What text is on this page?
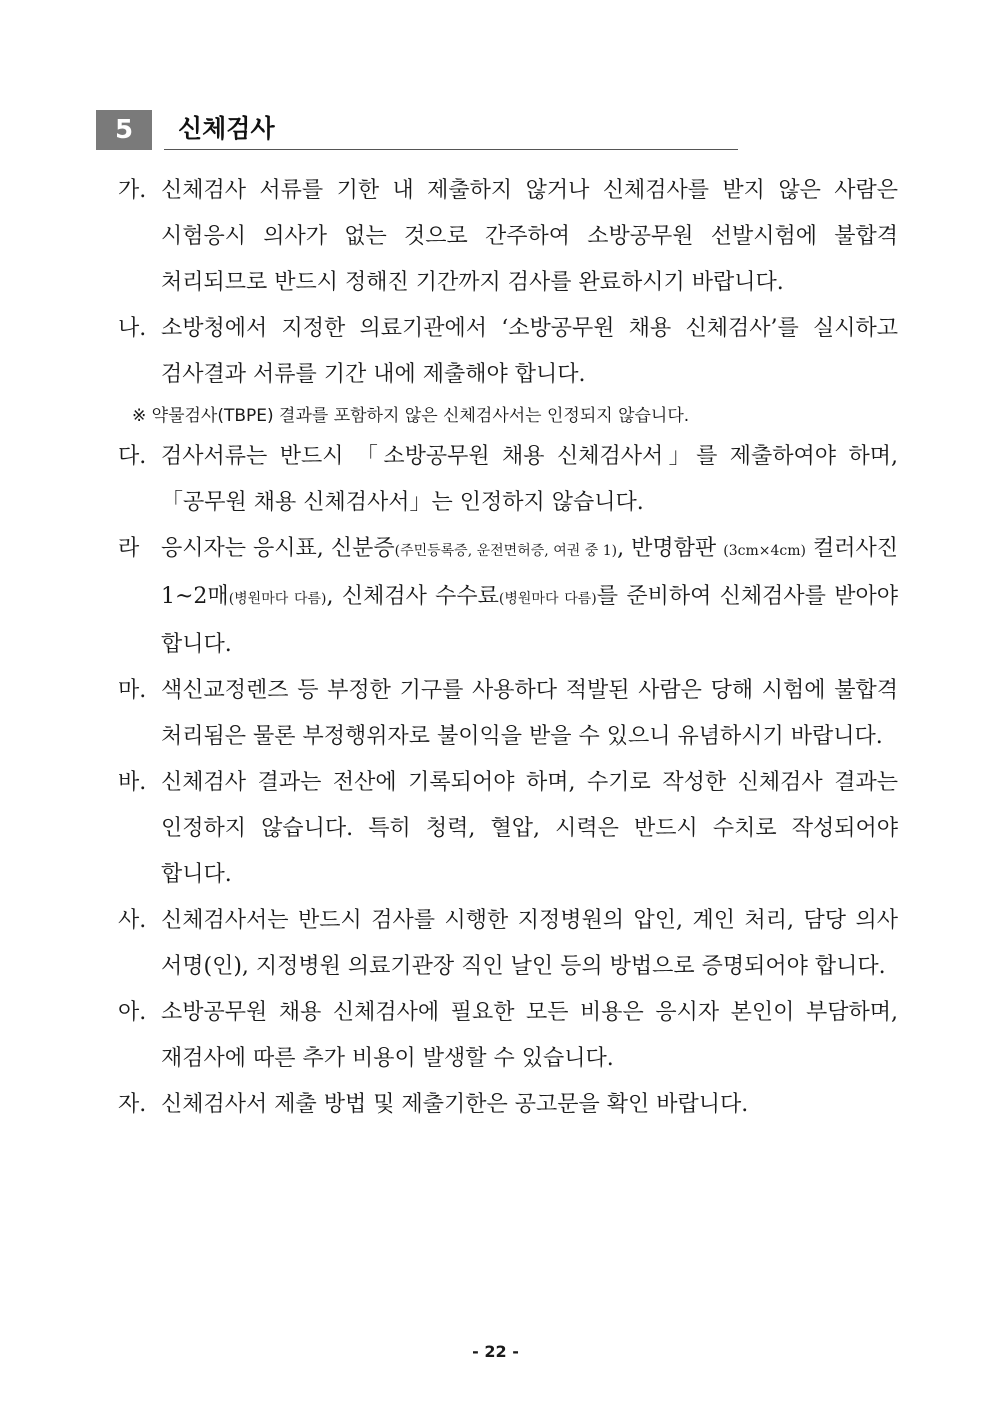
5	신체검사
가. 신체검사 서류를 기한 내 제출하지 않거나 신체검사를 받지 않은 사람은 시험응시 의사가 없는 것으로 간주하여 소방공무원 선발시험에 불합격 처리되므로 반드시 정해진 기간까지 검사를 완료하시기 바랍니다.
나. 소방청에서 지정한 의료기관에서 ‘소방공무원 채용 신체검사’를 실시하고 검사결과 서류를 기간 내에 제출해야 합니다.
※ 약물검사(TBPE) 결과를 포함하지 않은 신체검사서는 인정되지 않습니다.
다. 검사서류는 반드시 「소방공무원 채용 신체검사서」를 제출하여야 하며, 「공무원 채용 신체검사서」는 인정하지 않습니다.
라 응시자는 응시표, 신분증(주민등록증, 운전면허증, 여권 중 1), 반명함판 (3cm×4cm) 컬러사진 1~2매(병원마다 다름), 신체검사 수수료(병원마다 다름)를 준비하여 신체검사를 받아야 합니다.
마. 색신교정렌즈 등 부정한 기구를 사용하다 적발된 사람은 당해 시험에 불합격 처리됨은 물론 부정행위자로 불이익을 받을 수 있으니 유념하시기 바랍니다.
바. 신체검사 결과는 전산에 기록되어야 하며, 수기로 작성한 신체검사 결과는 인정하지 않습니다. 특히 청력, 혈압, 시력은 반드시 수치로 작성되어야 합니다.
사. 신체검사서는 반드시 검사를 시행한 지정병원의 압인, 계인 처리, 담당 의사 서명(인), 지정병원 의료기관장 직인 날인 등의 방법으로 증명되어야 합니다.
아. 소방공무원 채용 신체검사에 필요한 모든 비용은 응시자 본인이 부담하며, 재검사에 따른 추가 비용이 발생할 수 있습니다.
자. 신체검사서 제출 방법 및 제출기한은 공고문을 확인 바랍니다.
- 22 -
